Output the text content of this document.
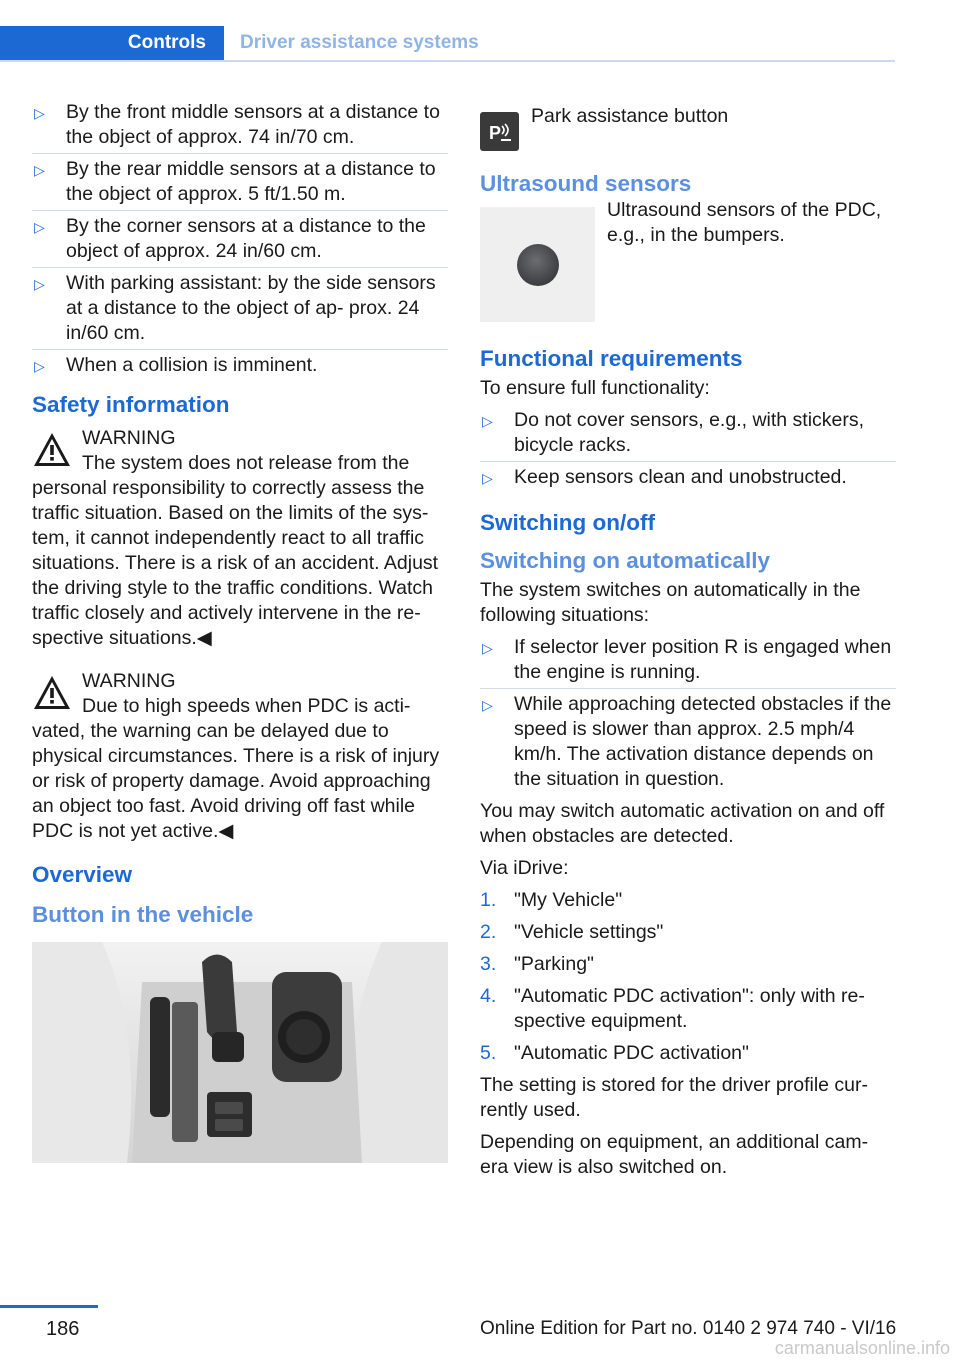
Controls	Driver assistance systems
▷ By the front middle sensors at a distance to the object of approx. 74 in/70 cm.
▷ By the rear middle sensors at a distance to the object of approx. 5 ft/1.50 m.
▷ By the corner sensors at a distance to the object of approx. 24 in/60 cm.
▷ With parking assistant: by the side sensors at a distance to the object of ap‐ prox. 24 in/60 cm.
▷ When a collision is imminent.
Safety information
WARNING
The system does not release from the personal responsibility to correctly assess the traffic situation. Based on the limits of the sys‐ tem, it cannot independently react to all traffic situations. There is a risk of an accident. Adjust the driving style to the traffic conditions. Watch traffic closely and actively intervene in the re‐ spective situations.◀
WARNING
Due to high speeds when PDC is acti‐ vated, the warning can be delayed due to physical circumstances. There is a risk of injury or risk of property damage. Avoid approaching an object too fast. Avoid driving off fast while PDC is not yet active.◀
Overview
Button in the vehicle
P

Park assistance button

Ultrasound sensors

Ultrasound sensors of the PDC, e.g., in the bumpers.

Functional requirements

To ensure full functionality:

▷ Do not cover sensors, e.g., with stickers, bicycle racks.
▷ Keep sensors clean and unobstructed.
Switching on/off
Switching on automatically

The system switches on automatically in the following situations:

▷ If selector lever position R is engaged when the engine is running.
▷ While approaching detected obstacles if the speed is slower than approx. 2.5 mph/4 km/h. The activation distance depends on the situation in question.

You may switch automatic activation on and off when obstacles are detected.

Via iDrive:

1. "My Vehicle"
2. "Vehicle settings"
3. "Parking"
4. "Automatic PDC activation": only with re‐ spective equipment.
5. "Automatic PDC activation"

The setting is stored for the driver profile cur‐ rently used.

Depending on equipment, an additional cam‐ era view is also switched on.

186	Online Edition for Part no. 0140 2 974 740 - VI/16
carmanualsonline.info
